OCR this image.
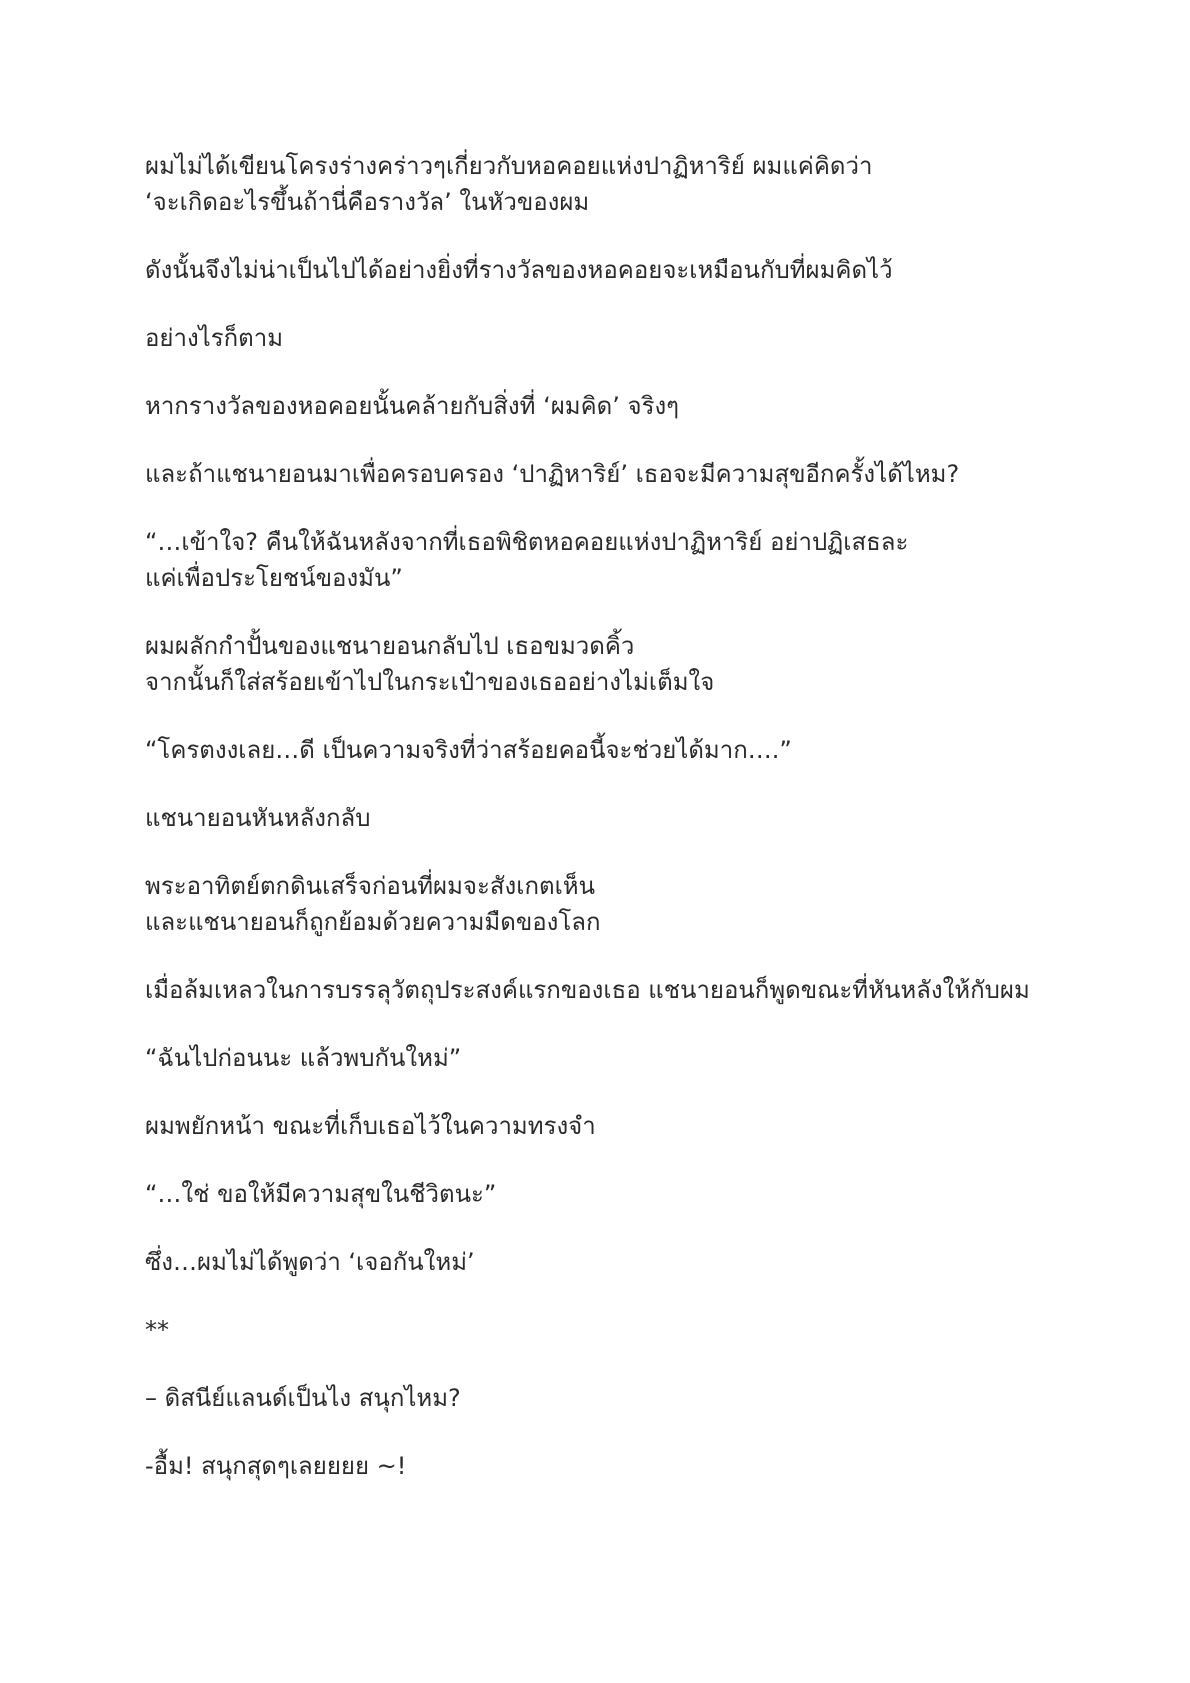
ผมไม่ได้เขียนโครงร่างคร่าวๆเกี่ยวกับหอคอยแห่งปาฏิหาริย์ ผมแค่คิดว่า
‘จะเกิดอะไรขึ้นถ้านี่คือรางวัล’ ในหัวของผม

ดังนั้นจึงไม่น่าเป็นไปได้อย่างยิ่งที่รางวัลของหอคอยจะเหมือนกับที่ผมคิดไว้

อย่างไรก็ตาม

หากรางวัลของหอคอยนั้นคล้ายกับสิ่งที่ ‘ผมคิด’ จริงๆ

และถ้าแชนายอนมาเพื่อครอบครอง ‘ปาฏิหาริย์’ เธอจะมีความสุขอีกครั้งได้ไหม?

“…เข้าใจ? คืนให้ฉันหลังจากที่เธอพิชิตหอคอยแห่งปาฏิหาริย์ อย่าปฏิเสธละ
แค่เพื่อประโยชน์ของมัน”

ผมผลักกำปั้นของแชนายอนกลับไป เธอขมวดคิ้ว
จากนั้นก็ใส่สร้อยเข้าไปในกระเป๋าของเธออย่างไม่เต็มใจ

“โครตงงเลย…ดี เป็นความจริงที่ว่าสร้อยคอนี้จะช่วยได้มาก….”

แชนายอนหันหลังกลับ

พระอาทิตย์ตกดินเสร็จก่อนที่ผมจะสังเกตเห็น
และแชนายอนก็ถูกย้อมด้วยความมืดของโลก

เมื่อล้มเหลวในการบรรลุวัตถุประสงค์แรกของเธอ แชนายอนก็พูดขณะที่หันหลังให้กับผม

“ฉันไปก่อนนะ แล้วพบกันใหม่”

ผมพยักหน้า ขณะที่เก็บเธอไว้ในความทรงจำ

“…ใช่ ขอให้มีความสุขในชีวิตนะ”

ซึ่ง…ผมไม่ได้พูดว่า ‘เจอกันใหม่’

**

– ดิสนีย์แลนด์เป็นไง สนุกไหม?

-อื้ม! สนุกสุดๆเลยยยย ~!
